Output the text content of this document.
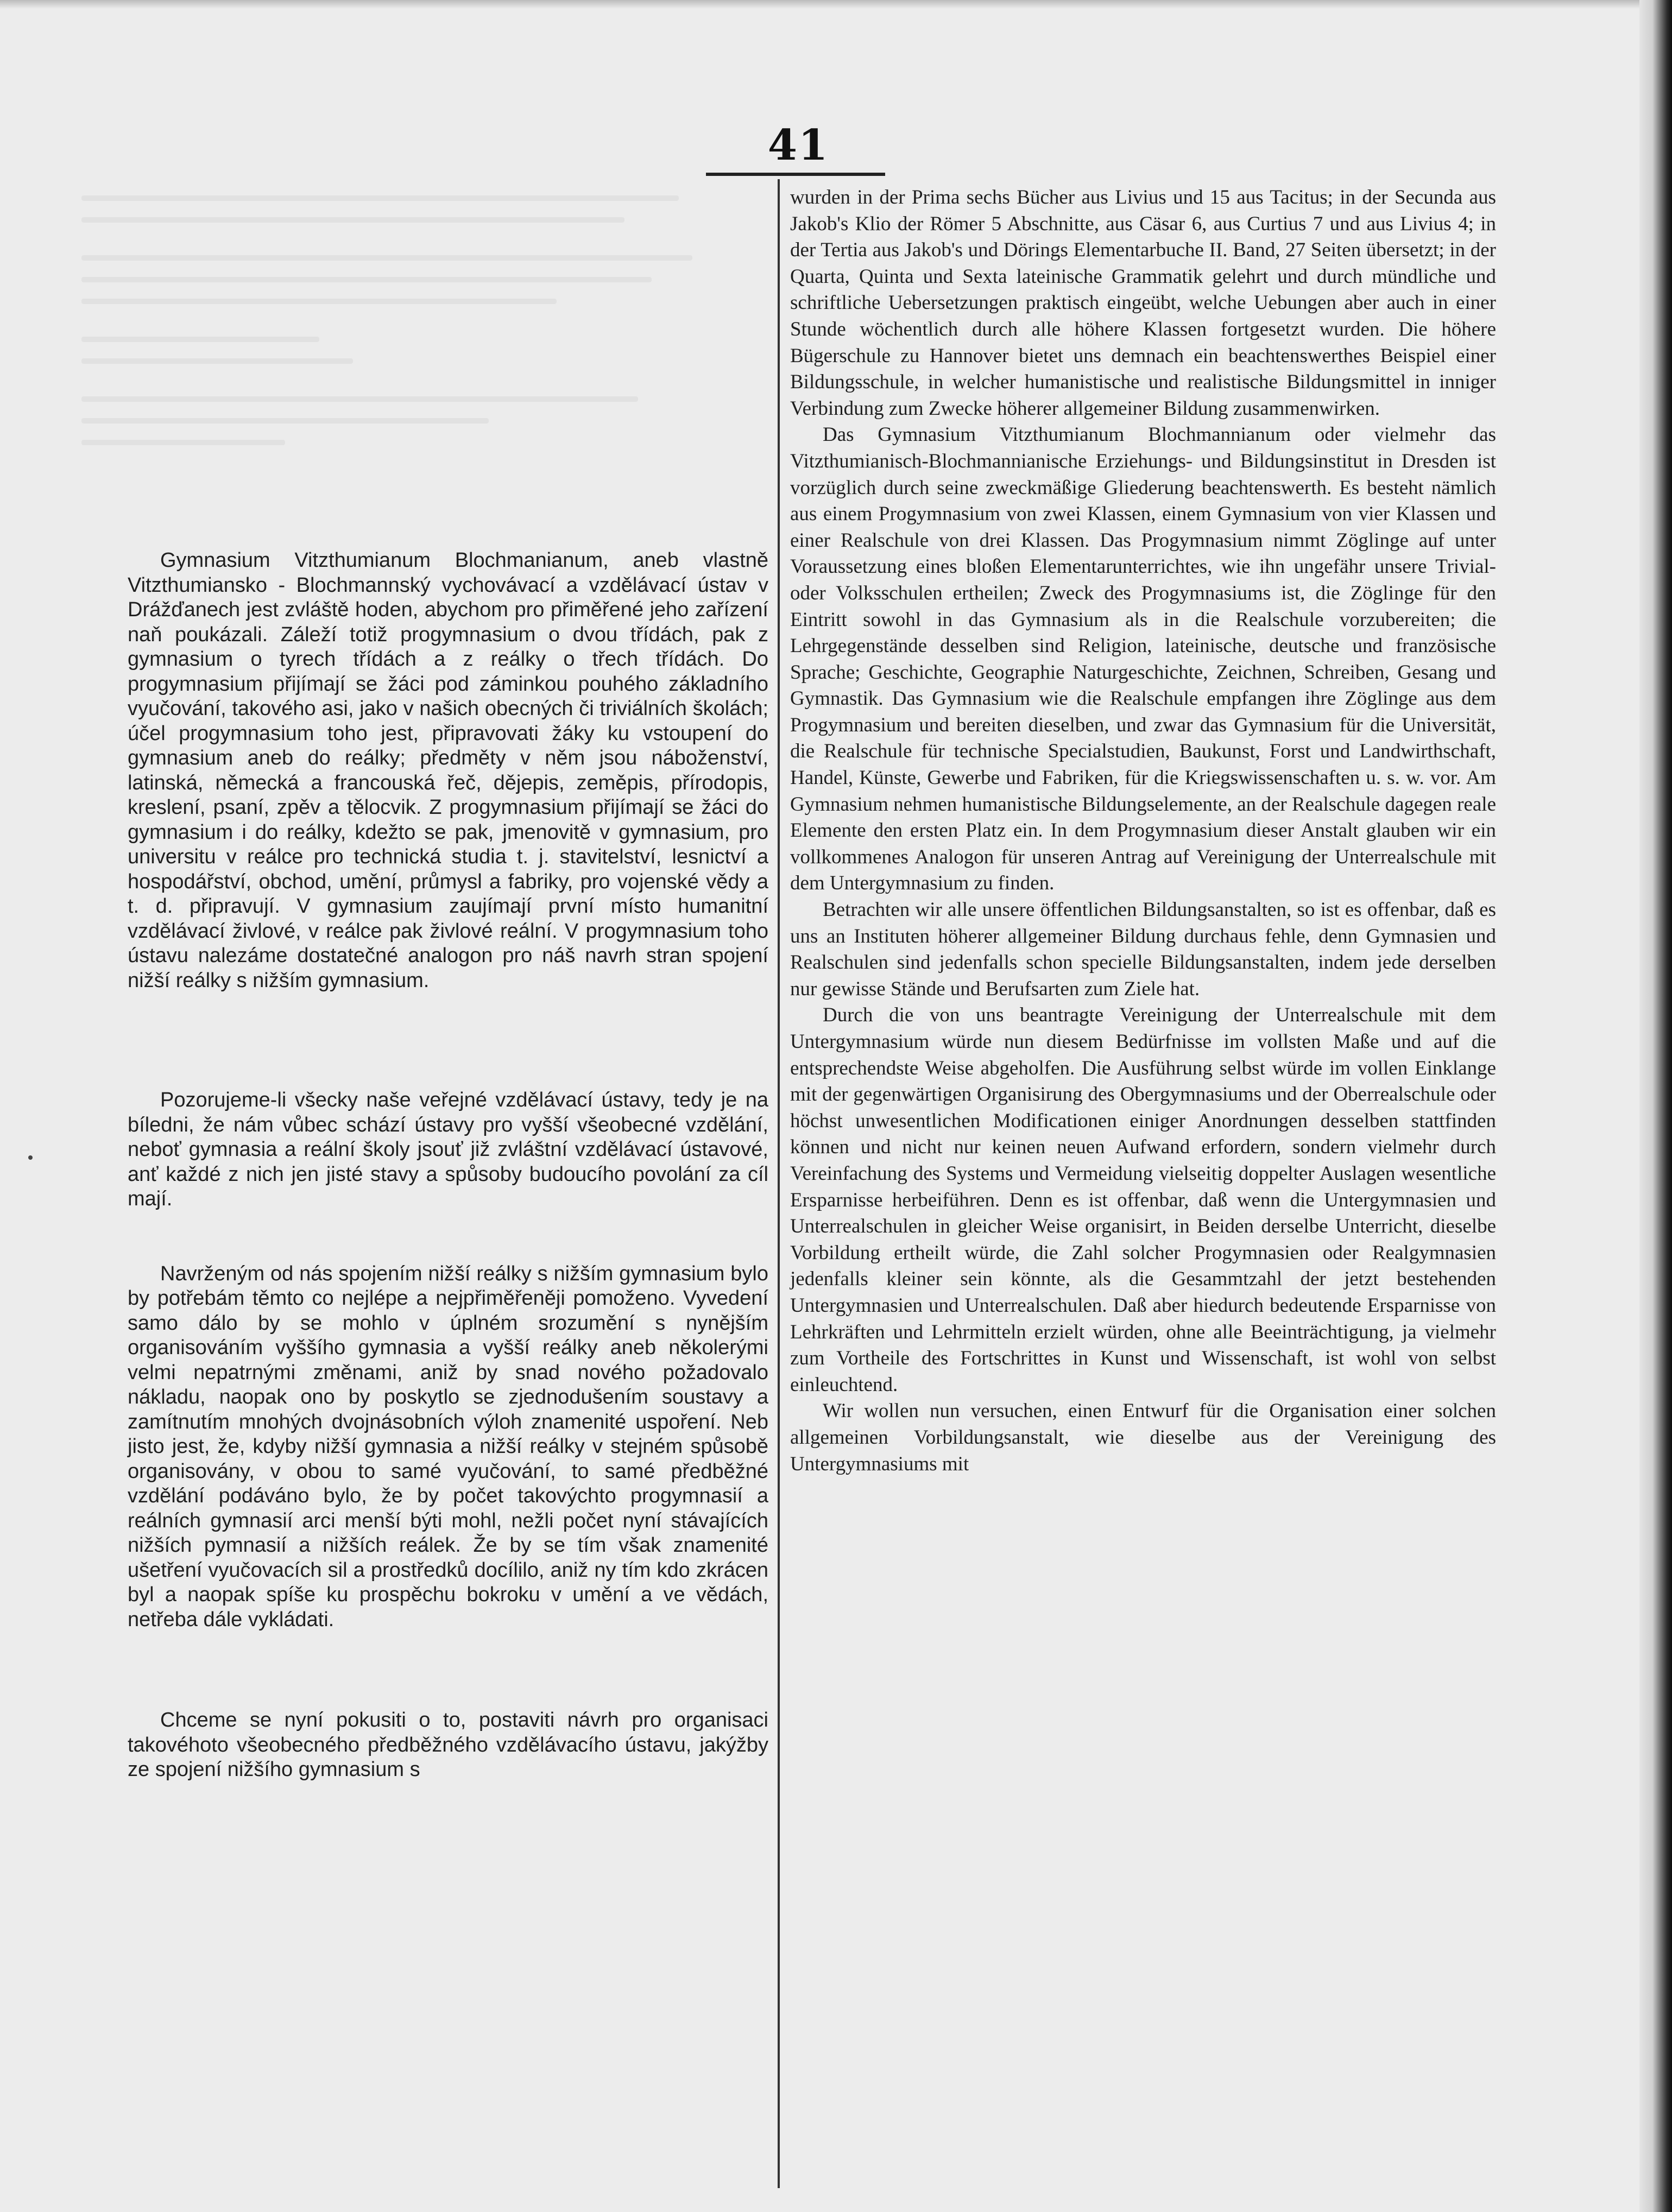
41

Gymnasium Vitzthumianum Blochmanianum, aneb vlastně Vitzthumiansko - Blochmannský vychovávací a vzdělávací ústav v Drážďanech jest zvláště hoden, abychom pro přiměřené jeho zařízení naň poukázali. Záleží totiž progymnasium o dvou třídách, pak z gymnasium o tyrech třídách a z reálky o třech třídách. Do progymnasium přijímají se žáci pod záminkou pouhého základního vyučování, takového asi, jako v našich obecných či triviálních školách; účel progymnasium toho jest, připravovati žáky ku vstoupení do gymnasium aneb do reálky; předměty v něm jsou náboženství, latinská, německá a francouská řeč, dějepis, zeměpis, přírodopis, kreslení, psaní, zpěv a tělocvik. Z progymnasium přijímají se žáci do gymnasium i do reálky, kdežto se pak, jmenovitě v gymnasium, pro universitu v reálce pro technická studia t. j. stavitelství, lesnictví a hospodářství, obchod, umění, průmysl a fabriky, pro vojenské vědy a t. d. připravují. V gymnasium zaujímají první místo humanitní vzdělávací živlové, v reálce pak živlové reální. V progymnasium toho ústavu nalezáme dostatečné analogon pro náš navrh stran spojení nižší reálky s nižším gymnasium.

Pozorujeme-li všecky naše veřejné vzdělávací ústavy, tedy je na bíledni, že nám vůbec schází ústavy pro vyšší všeobecné vzdělání, neboť gymnasia a reální školy jsouť již zvláštní vzdělávací ústavové, anť každé z nich jen jisté stavy a spůsoby budoucího povolání za cíl mají.

Navrženým od nás spojením nižší reálky s nižším gymnasium bylo by potřebám těmto co nejlépe a nejpřiměřeněji pomoženo. Vyvedení samo dálo by se mohlo v úplném srozumění s nynějším organisováním vyššího gymnasia a vyšší reálky aneb několerými velmi nepatrnými změnami, aniž by snad nového požadovalo nákladu, naopak ono by poskytlo se zjednodušením soustavy a zamítnutím mnohých dvojnásobních výloh znamenité uspoření. Neb jisto jest, že, kdyby nižší gymnasia a nižší reálky v stejném spůsobě organisovány, v obou to samé vyučování, to samé předběžné vzdělání podáváno bylo, že by počet takovýchto progymnasií a reálních gymnasií arci menší býti mohl, nežli počet nyní stávajících nižších pymnasií a nižších reálek. Že by se tím však znamenité ušetření vyučovacích sil a prostředků docílilo, aniž ny tím kdo zkrácen byl a naopak spíše ku prospěchu bokroku v umění a ve vědách, netřeba dále vykládati.

Chceme se nyní pokusiti o to, postaviti návrh pro organisaci takovéhoto všeobecného předběžného vzdělávacího ústavu, jakýžby ze spojení nižšího gymnasium s

wurden in der Prima sechs Bücher aus Livius und 15 aus Tacitus; in der Secunda aus Jakob's Klio der Römer 5 Abschnitte, aus Cäsar 6, aus Curtius 7 und aus Livius 4; in der Tertia aus Jakob's und Dörings Elementarbuche II. Band, 27 Seiten übersetzt; in der Quarta, Quinta und Sexta lateinische Grammatik gelehrt und durch mündliche und schriftliche Uebersetzungen praktisch eingeübt, welche Uebungen aber auch in einer Stunde wöchentlich durch alle höhere Klassen fortgesetzt wurden. Die höhere Bügerschule zu Hannover bietet uns demnach ein beachtenswerthes Beispiel einer Bildungsschule, in welcher humanistische und realistische Bildungsmittel in inniger Verbindung zum Zwecke höherer allgemeiner Bildung zusammenwirken.

Das Gymnasium Vitzthumianum Blochmannianum oder vielmehr das Vitzthumianisch-Blochmannianische Erziehungs- und Bildungsinstitut in Dresden ist vorzüglich durch seine zweckmäßige Gliederung beachtenswerth. Es besteht nämlich aus einem Progymnasium von zwei Klassen, einem Gymnasium von vier Klassen und einer Realschule von drei Klassen. Das Progymnasium nimmt Zöglinge auf unter Voraussetzung eines bloßen Elementarunterrichtes, wie ihn ungefähr unsere Trivial- oder Volksschulen ertheilen; Zweck des Progymnasiums ist, die Zöglinge für den Eintritt sowohl in das Gymnasium als in die Realschule vorzubereiten; die Lehrgegenstände desselben sind Religion, lateinische, deutsche und französische Sprache; Geschichte, Geographie Naturgeschichte, Zeichnen, Schreiben, Gesang und Gymnastik. Das Gymnasium wie die Realschule empfangen ihre Zöglinge aus dem Progymnasium und bereiten dieselben, und zwar das Gymnasium für die Universität, die Realschule für technische Specialstudien, Baukunst, Forst und Landwirthschaft, Handel, Künste, Gewerbe und Fabriken, für die Kriegswissenschaften u. s. w. vor. Am Gymnasium nehmen humanistische Bildungselemente, an der Realschule dagegen reale Elemente den ersten Platz ein. In dem Progymnasium dieser Anstalt glauben wir ein vollkommenes Analogon für unseren Antrag auf Vereinigung der Unterrealschule mit dem Untergymnasium zu finden.

Betrachten wir alle unsere öffentlichen Bildungsanstalten, so ist es offenbar, daß es uns an Instituten höherer allgemeiner Bildung durchaus fehle, denn Gymnasien und Realschulen sind jedenfalls schon specielle Bildungsanstalten, indem jede derselben nur gewisse Stände und Berufsarten zum Ziele hat.

Durch die von uns beantragte Vereinigung der Unterrealschule mit dem Untergymnasium würde nun diesem Bedürfnisse im vollsten Maße und auf die entsprechendste Weise abgeholfen. Die Ausführung selbst würde im vollen Einklange mit der gegenwärtigen Organisirung des Obergymnasiums und der Oberrealschule oder höchst unwesentlichen Modificationen einiger Anordnungen desselben stattfinden können und nicht nur keinen neuen Aufwand erfordern, sondern vielmehr durch Vereinfachung des Systems und Vermeidung vielseitig doppelter Auslagen wesentliche Ersparnisse herbeiführen. Denn es ist offenbar, daß wenn die Untergymnasien und Unterrealschulen in gleicher Weise organisirt, in Beiden derselbe Unterricht, dieselbe Vorbildung ertheilt würde, die Zahl solcher Progymnasien oder Realgymnasien jedenfalls kleiner sein könnte, als die Gesammtzahl der jetzt bestehenden Untergymnasien und Unterrealschulen. Daß aber hiedurch bedeutende Ersparnisse von Lehrkräften und Lehrmitteln erzielt würden, ohne alle Beeinträchtigung, ja vielmehr zum Vortheile des Fortschrittes in Kunst und Wissenschaft, ist wohl von selbst einleuchtend.

Wir wollen nun versuchen, einen Entwurf für die Organisation einer solchen allgemeinen Vorbildungsanstalt, wie dieselbe aus der Vereinigung des Untergymnasiums mit
